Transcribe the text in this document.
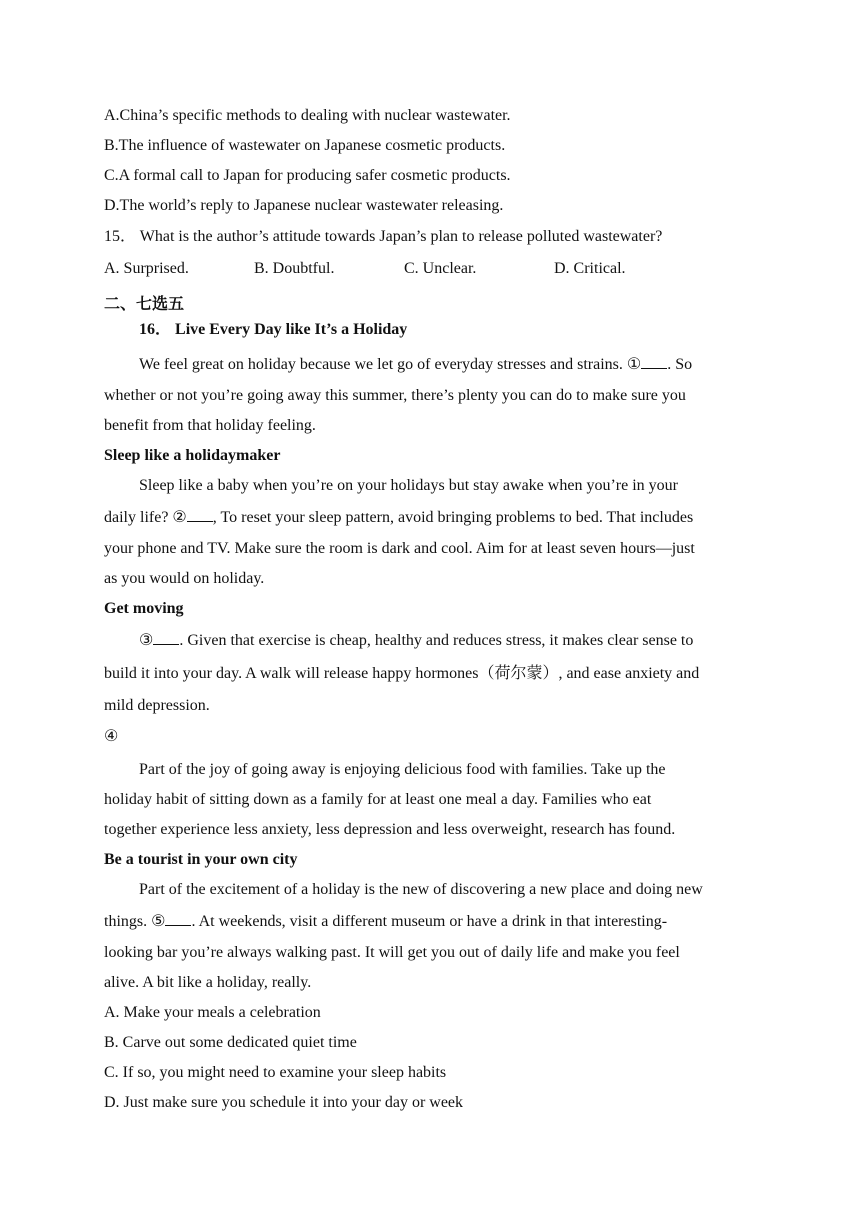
A.China’s specific methods to dealing with nuclear wastewater.
B.The influence of wastewater on Japanese cosmetic products.
C.A formal call to Japan for producing safer cosmetic products.
D.The world’s reply to Japanese nuclear wastewater releasing.
15． What is the author’s attitude towards Japan’s plan to release polluted wastewater?
A. Surprised.	B. Doubtful.	C. Unclear.	D. Critical.
二、七选五
16． Live Every Day like It’s a Holiday
We feel great on holiday because we let go of everyday stresses and strains. ① . So
whether or not you’re going away this summer, there’s plenty you can do to make sure you
benefit from that holiday feeling.
Sleep like a holidaymaker
Sleep like a baby when you’re on your holidays but stay awake when you’re in your
daily life? ② , To reset your sleep pattern, avoid bringing problems to bed. That includes
your phone and TV. Make sure the room is dark and cool. Aim for at least seven hours—just
as you would on holiday.
Get moving
③ . Given that exercise is cheap, healthy and reduces stress, it makes clear sense to
build it into your day. A walk will release happy hormones（荷尔蒙）, and ease anxiety and
mild depression.
④
Part of the joy of going away is enjoying delicious food with families. Take up the
holiday habit of sitting down as a family for at least one meal a day. Families who eat
together experience less anxiety, less depression and less overweight, research has found.
Be a tourist in your own city
Part of the excitement of a holiday is the new of discovering a new place and doing new
things. ⑤ . At weekends, visit a different museum or have a drink in that interesting-
looking bar you’re always walking past. It will get you out of daily life and make you feel
alive. A bit like a holiday, really.
A. Make your meals a celebration
B. Carve out some dedicated quiet time
C. If so, you might need to examine your sleep habits
D. Just make sure you schedule it into your day or week
